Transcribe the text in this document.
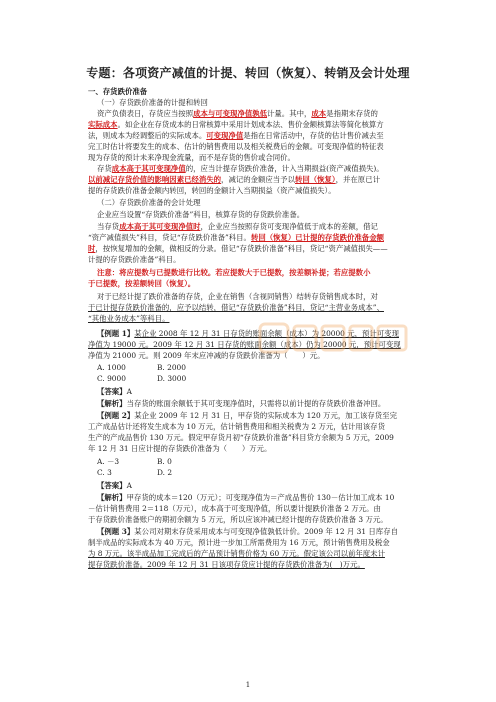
专题：各项资产减值的计提、转回（恢复）、转销及会计处理
一、存货跌价准备
（一）存货跌价准备的计提和转回
资产负债表日，存货应当按照成本与可变现净值孰低计量。其中，成本是指期末存货的
实际成本。如企业在存货成本的日常核算中采用计划成本法、售价金额核算法等简化核算方
法，则成本为经调整后的实际成本。可变现净值是指在日常活动中，存货的估计售价减去至
完工时估计将要发生的成本、估计的销售费用以及相关税费后的金额。可变现净值的特征表
现为存货的预计未来净现金流量，而不是存货的售价或合同价。
存货成本高于其可变现净值的，应当计提存货跌价准备，计入当期损益(资产减值损失)。
以前减记存货价值的影响因素已经消失的，减记的金额应当予以转回（恢复），并在原已计
提的存货跌价准备金额内转回，转回的金额计入当期损益（资产减值损失）。
（二）存货跌价准备的会计处理
企业应当设置“存货跌价准备”科目，核算存货的存货跌价准备。
当存货成本高于其可变现净值时，企业应当按照存货可变现净值低于成本的差额，借记
“资产减值损失”科目，贷记“存货跌价准备”科目。转回（恢复）已计提的存货跌价准备金额
时，按恢复增加的金额，做相反的分录。借记“存货跌价准备”科目，贷记“资产减值损失——
计提的存货跌价准备”科目。
注意：将应提数与已提数进行比较。若应提数大于已提数，按差额补提；若应提数小
于已提数，按差额转回（恢复）。
对于已经计提了跌价准备的存货，企业在销售（含视同销售）结转存货销售成本时，对
于已计提存货跌价准备的，应予以结转，借记“存货跌价准备”科目，贷记“主营业务成本”、
“其他业务成本”等科目。
【例题 1】某企业 2008 年 12 月 31 日存货的账面余额（成本）为 20000 元，预计可变现
净值为 19000 元。2009 年 12 月 31 日存货的账面余额（成本）仍为 20000 元，预计可变现
净值为 21000 元。则 2009 年末应冲减的存货跌价准备为（　　）元。
A. 1000	B. 2000
C. 9000	D. 3000
【答案】A
【解析】当存货的账面余额低于其可变现净值时，只需将以前计提的存货跌价准备冲回。
【例题 2】某企业 2009 年 12 月 31 日，甲存货的实际成本为 120 万元，加工该存货至完
工产成品估计还将发生成本为 10 万元，估计销售费用和相关税费为 2 万元，估计用该存货
生产的产成品售价 130 万元。假定甲存货月初“存货跌价准备”科目贷方余额为 5 万元，2009
年 12 月 31 日应计提的存货跌价准备为（　　）万元。
A. －3	B. 0
C. 3	D. 2
【答案】A
【解析】甲存货的成本＝120（万元）；可变现净值为＝产成品售价 130－估计加工成本 10
－估计销售费用 2＝118（万元），成本高于可变现净值，所以要计提跌价准备 2 万元。由
于存货跌价准备账户的期初余额为 5 万元，所以应该冲减已经计提的存货跌价准备 3 万元。
【例题 3】某公司对期末存货采用成本与可变现净值孰低计价。2009 年 12 月 31 日库存自
制半成品的实际成本为 40 万元，预计进一步加工所需费用为 16 万元，预计销售费用及税金
为 8 万元。该半成品加工完成后的产品预计销售价格为 60 万元。假定该公司以前年度未计
提存货跌价准备。2009 年 12 月 31 日该项存货应计提的存货跌价准备为(　)万元。
1
